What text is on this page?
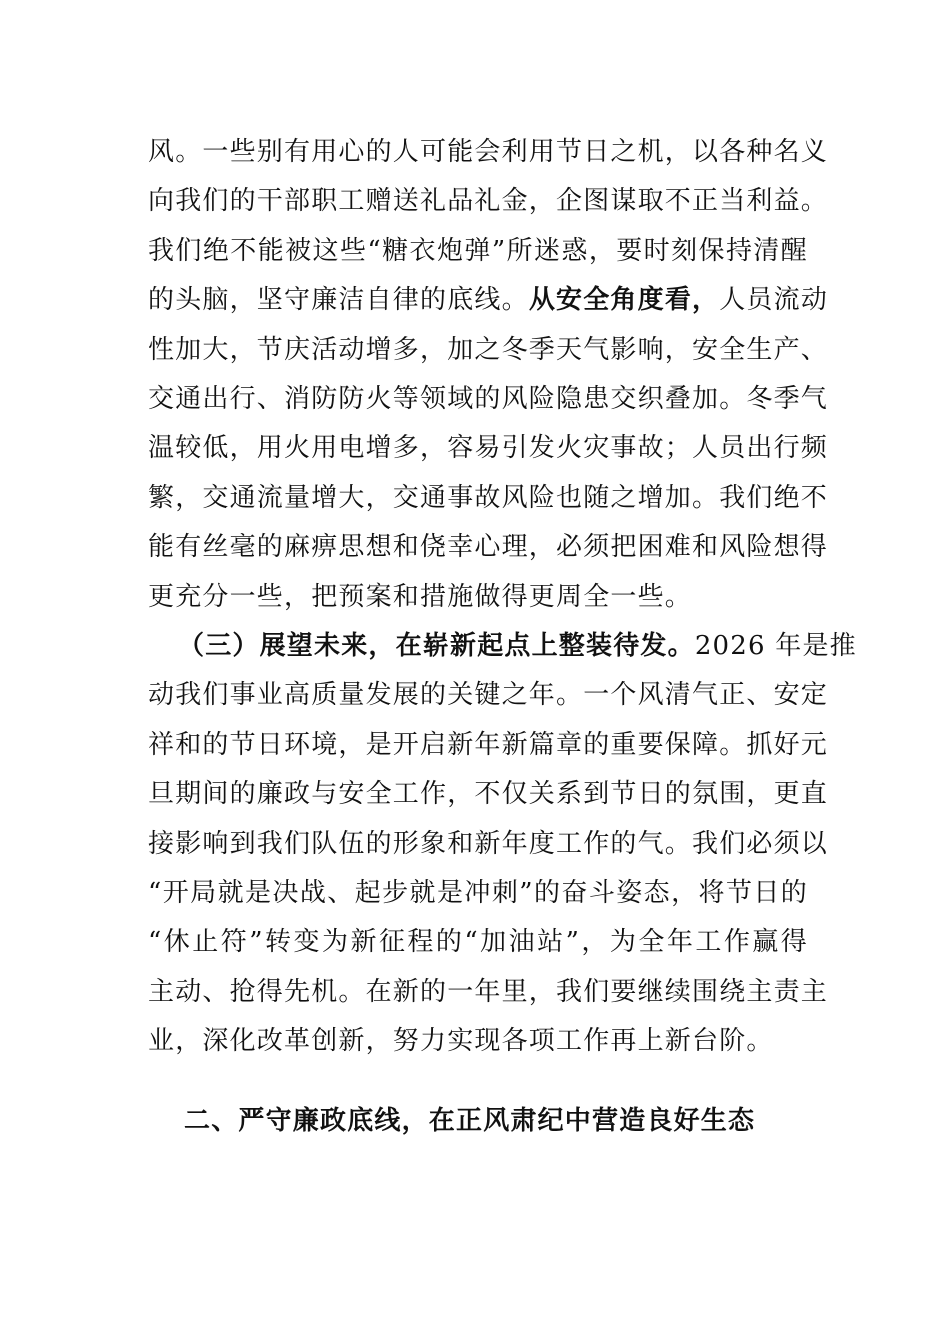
风。一些别有用心的人可能会利用节日之机，以各种名义
向我们的干部职工赠送礼品礼金，企图谋取不正当利益。
我们绝不能被这些“糖衣炮弹”所迷惑，要时刻保持清醒
的头脑，坚守廉洁自律的底线。从安全角度看，人员流动
性加大，节庆活动增多，加之冬季天气影响，安全生产、
交通出行、消防防火等领域的风险隐患交织叠加。冬季气
温较低，用火用电增多，容易引发火灾事故；人员出行频
繁，交通流量增大，交通事故风险也随之增加。我们绝不
能有丝毫的麻痹思想和侥幸心理，必须把困难和风险想得
更充分一些，把预案和措施做得更周全一些。
（三）展望未来，在崭新起点上整装待发。2026 年是推
动我们事业高质量发展的关键之年。一个风清气正、安定
祥和的节日环境，是开启新年新篇章的重要保障。抓好元
旦期间的廉政与安全工作，不仅关系到节日的氛围，更直
接影响到我们队伍的形象和新年度工作的气。我们必须以
“开局就是决战、起步就是冲刺”的奋斗姿态，将节日的
“休止符”转变为新征程的“加油站”，为全年工作赢得
主动、抢得先机。在新的一年里，我们要继续围绕主责主
业，深化改革创新，努力实现各项工作再上新台阶。
二、严守廉政底线，在正风肃纪中营造良好生态
